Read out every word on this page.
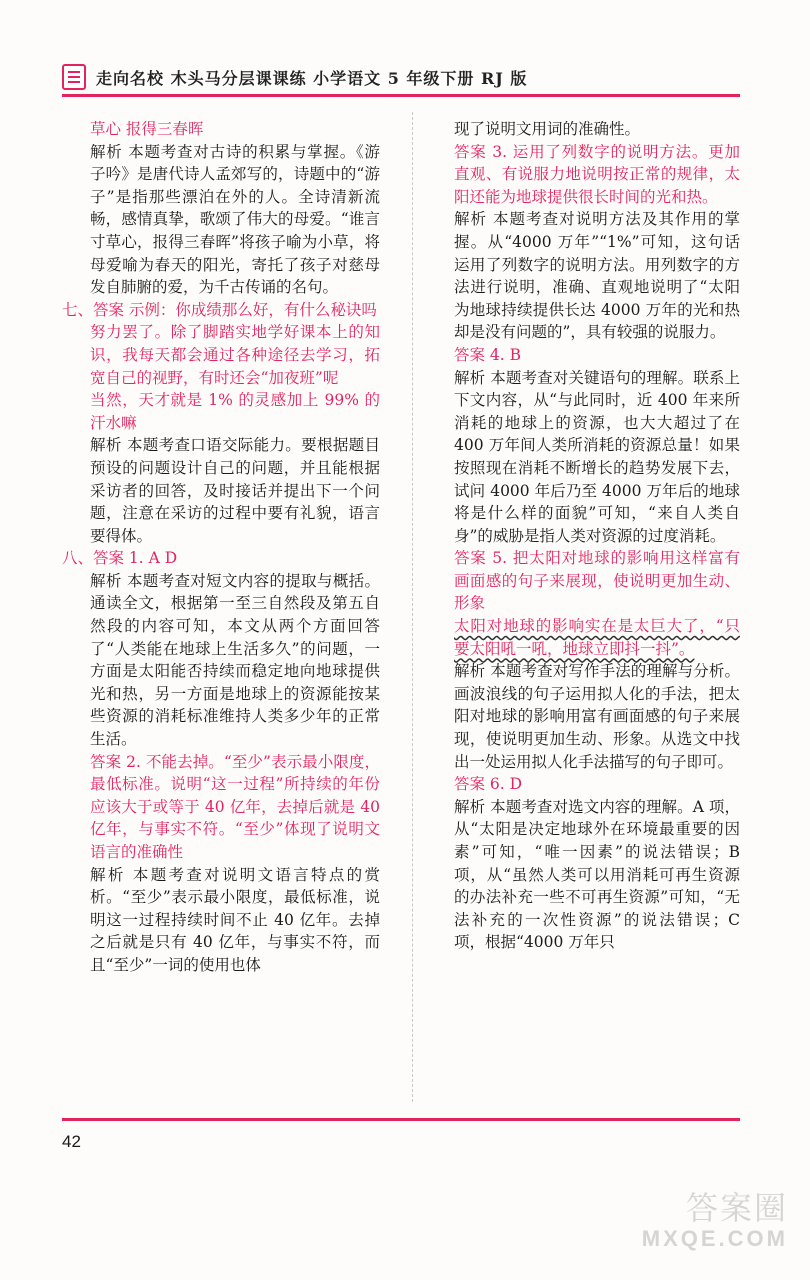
走向名校 木头马分层课课练 小学语文 5 年级下册 RJ 版

草心 报得三春晖

解析 本题考查对古诗的积累与掌握。《游子吟》是唐代诗人孟郊写的，诗题中的“游子”是指那些漂泊在外的人。全诗清新流畅，感情真挚，歌颂了伟大的母爱。“谁言寸草心，报得三春晖”将孩子喻为小草，将母爱喻为春天的阳光，寄托了孩子对慈母发自肺腑的爱，为千古传诵的名句。

七、答案 示例：你成绩那么好，有什么秘诀吗

努力罢了。除了脚踏实地学好课本上的知识，我每天都会通过各种途径去学习，拓宽自己的视野，有时还会“加夜班”呢

当然，天才就是 1% 的灵感加上 99% 的汗水嘛

解析 本题考查口语交际能力。要根据题目预设的问题设计自己的问题，并且能根据采访者的回答，及时接话并提出下一个问题，注意在采访的过程中要有礼貌，语言要得体。

八、答案 1. A D

解析 本题考查对短文内容的提取与概括。通读全文，根据第一至三自然段及第五自然段的内容可知，本文从两个方面回答了“人类能在地球上生活多久”的问题，一方面是太阳能否持续而稳定地向地球提供光和热，另一方面是地球上的资源能按某些资源的消耗标准维持人类多少年的正常生活。

答案 2. 不能去掉。“至少”表示最小限度，最低标准。说明“这一过程”所持续的年份应该大于或等于 40 亿年，去掉后就是 40 亿年，与事实不符。“至少”体现了说明文语言的准确性

解析 本题考查对说明文语言特点的赏析。“至少”表示最小限度，最低标准，说明这一过程持续时间不止 40 亿年。去掉之后就是只有 40 亿年，与事实不符，而且“至少”一词的使用也体

现了说明文用词的准确性。

答案 3. 运用了列数字的说明方法。更加直观、有说服力地说明按正常的规律，太阳还能为地球提供很长时间的光和热。

解析 本题考查对说明方法及其作用的掌握。从“4000 万年”“1%”可知，这句话运用了列数字的说明方法。用列数字的方法进行说明，准确、直观地说明了“太阳为地球持续提供长达 4000 万年的光和热却是没有问题的”，具有较强的说服力。

答案 4. B

解析 本题考查对关键语句的理解。联系上下文内容，从“与此同时，近 400 年来所消耗的地球上的资源，也大大超过了在 400 万年间人类所消耗的资源总量！如果按照现在消耗不断增长的趋势发展下去，试问 4000 年后乃至 4000 万年后的地球将是什么样的面貌”可知，“来自人类自身”的威胁是指人类对资源的过度消耗。

答案 5. 把太阳对地球的影响用这样富有画面感的句子来展现，使说明更加生动、形象

太阳对地球的影响实在是太巨大了，“只要太阳吼一吼，地球立即抖一抖”。

解析 本题考查对写作手法的理解与分析。画波浪线的句子运用拟人化的手法，把太阳对地球的影响用富有画面感的句子来展现，使说明更加生动、形象。从选文中找出一处运用拟人化手法描写的句子即可。

答案 6. D

解析 本题考查对选文内容的理解。A 项，从“太阳是决定地球外在环境最重要的因素”可知，“唯一因素”的说法错误；B 项，从“虽然人类可以用消耗可再生资源的办法补充一些不可再生资源”可知，“无法补充的一次性资源”的说法错误；C 项，根据“4000 万年只

42
答案圈
MXQE.COM
